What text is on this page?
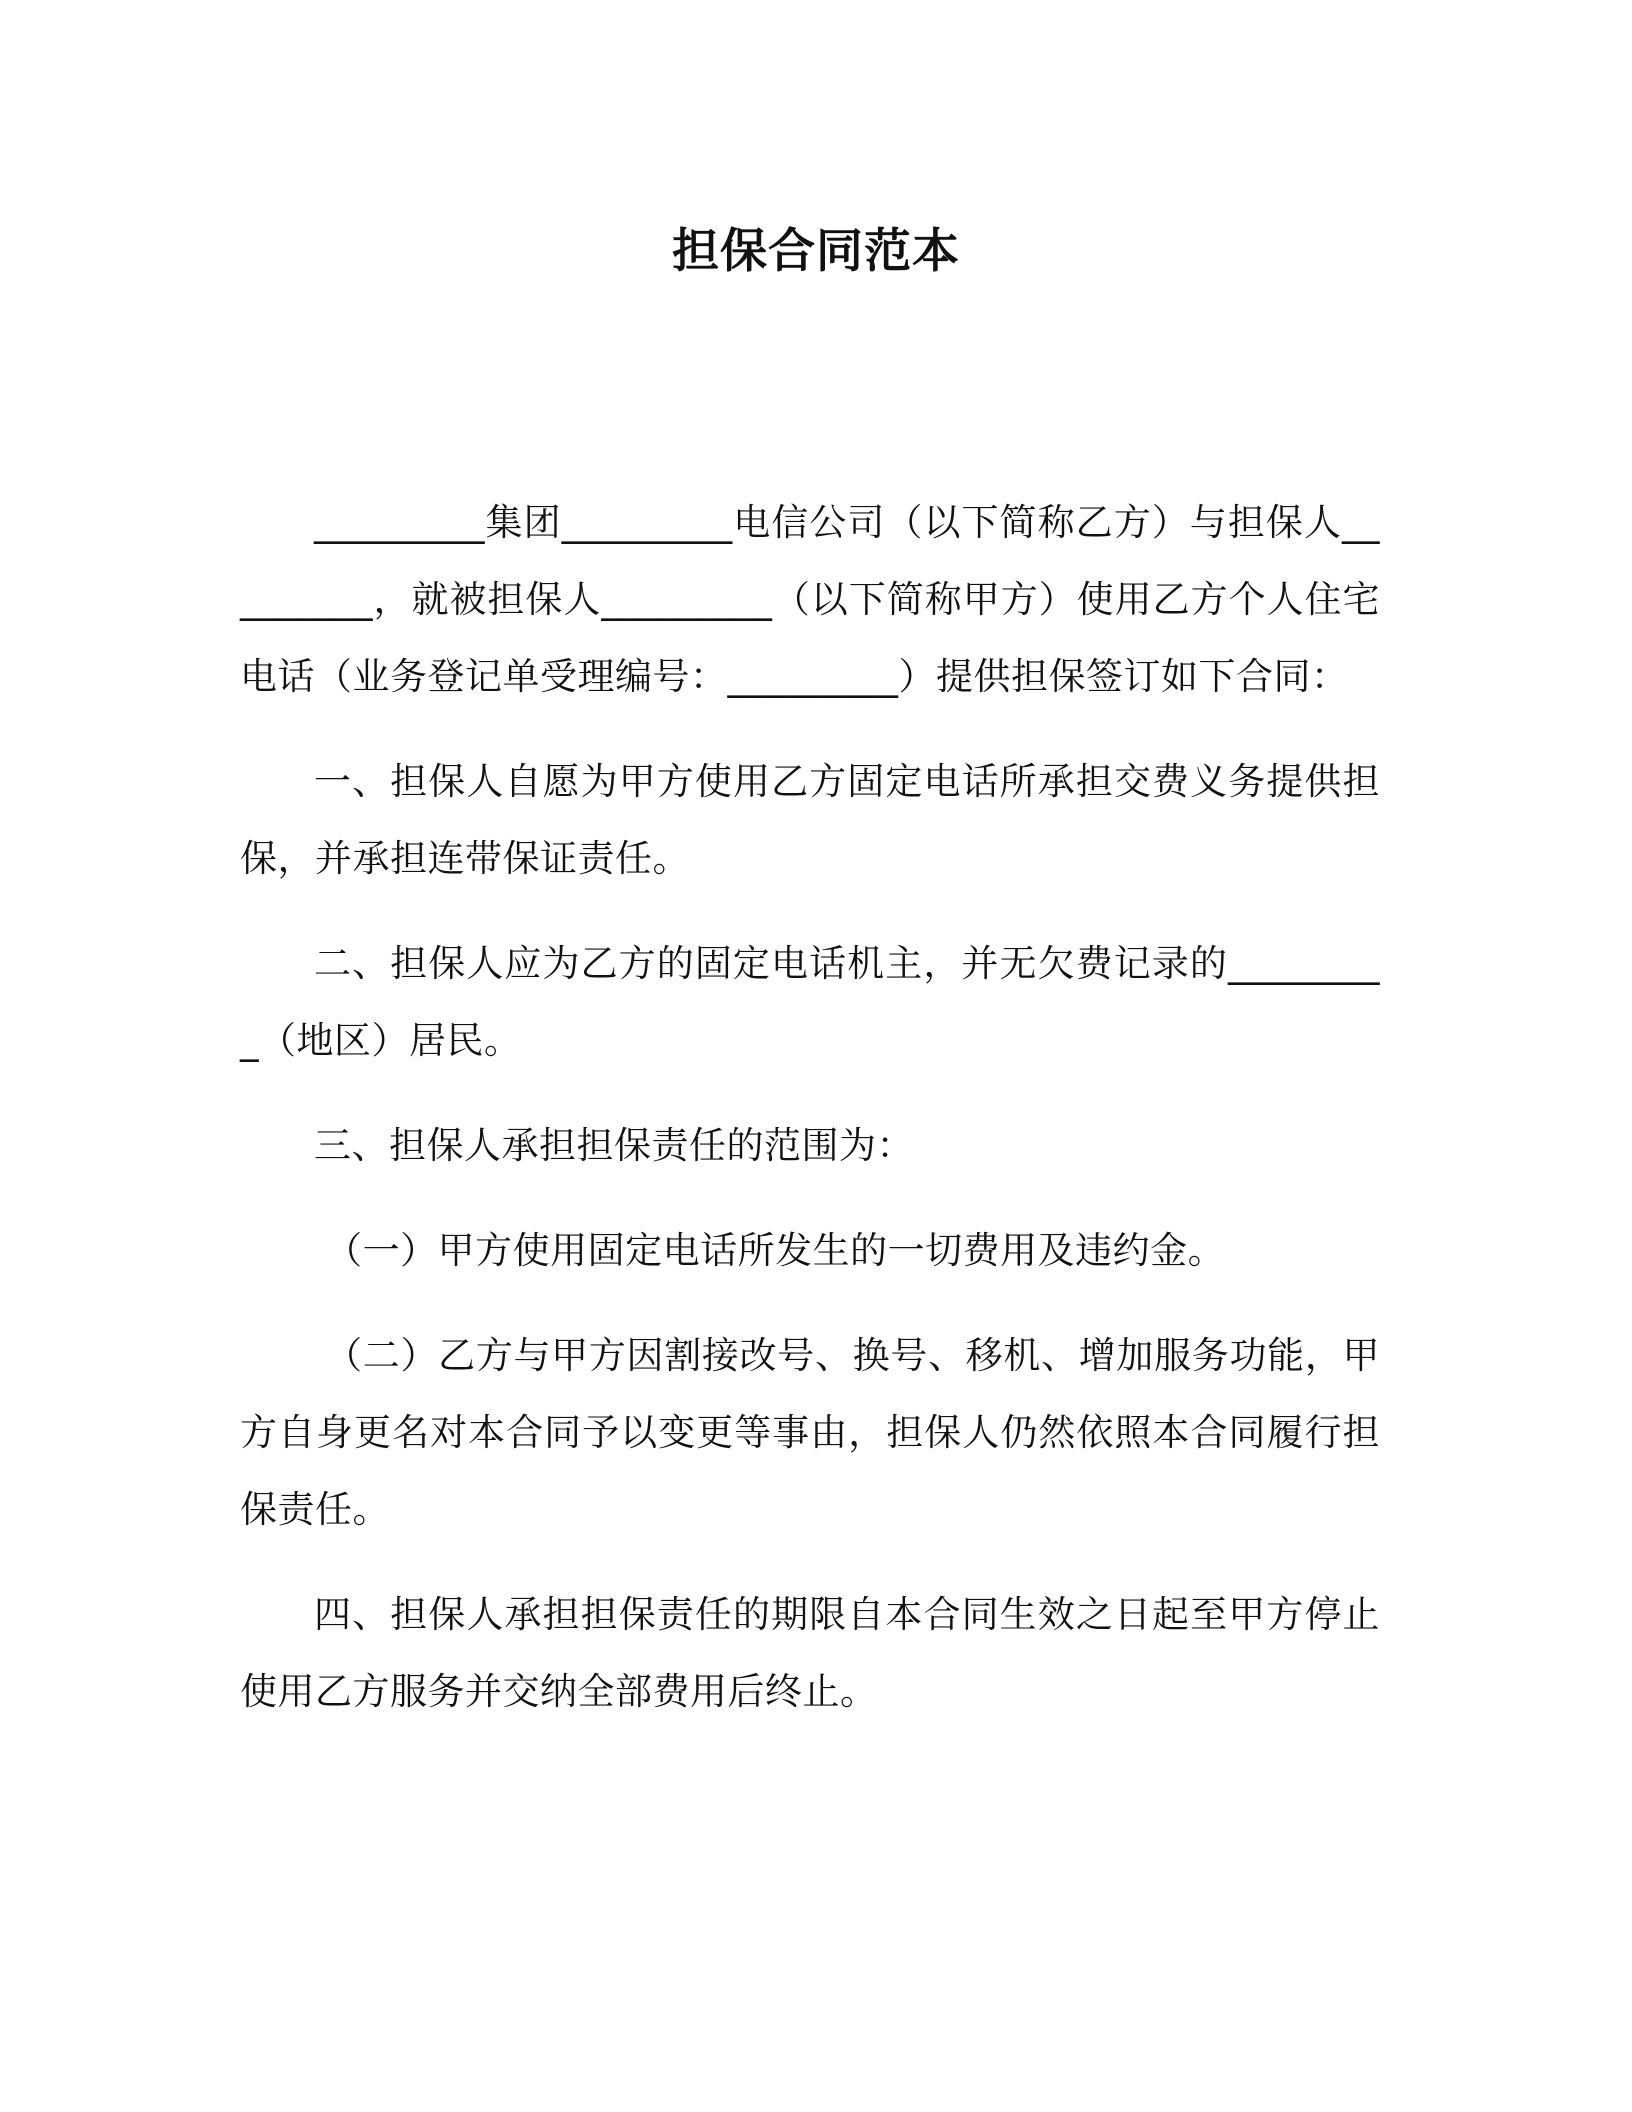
担保合同范本

_________集团_________电信公司（以下简称乙方）与担保人_________，就被担保人_________（以下简称甲方）使用乙方个人住宅电话（业务登记单受理编号：_________）提供担保签订如下合同：

一、担保人自愿为甲方使用乙方固定电话所承担交费义务提供担保，并承担连带保证责任。

二、担保人应为乙方的固定电话机主，并无欠费记录的_________（地区）居民。

三、担保人承担担保责任的范围为：

（一）甲方使用固定电话所发生的一切费用及违约金。

（二）乙方与甲方因割接改号、换号、移机、增加服务功能，甲方自身更名对本合同予以变更等事由，担保人仍然依照本合同履行担保责任。

四、担保人承担担保责任的期限自本合同生效之日起至甲方停止使用乙方服务并交纳全部费用后终止。
